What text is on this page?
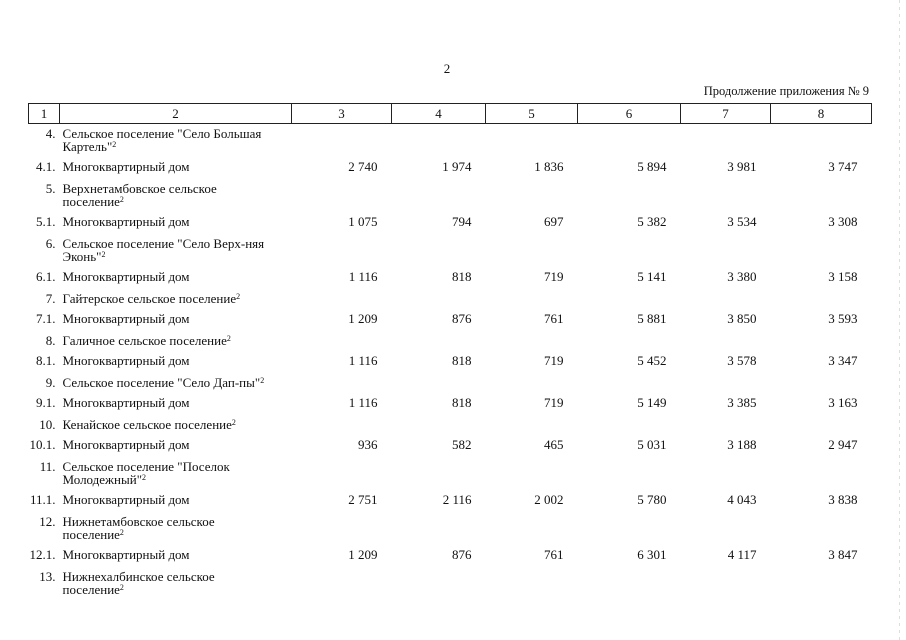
2
Продолжение приложения № 9
1	2	3	4	5	6	7	8
4.	Сельское поселение "Село Большая Картель"$^2$

4.1.	Многоквартирный дом	2 740	1 974	1 836	5 894	3 981	3 747
5.	Верхнетамбовское сельское поселение$^2$

5.1.	Многоквартирный дом	1 075	794	697	5 382	3 534	3 308
6.	Сельское поселение "Село Верх-няя Эконь"$^2$

6.1.	Многоквартирный дом	1 116	818	719	5 141	3 380	3 158
7.	Гайтерское сельское поселение$^2$

7.1.	Многоквартирный дом	1 209	876	761	5 881	3 850	3 593
8.	Галичное сельское поселение$^2$

8.1.	Многоквартирный дом	1 116	818	719	5 452	3 578	3 347
9.	Сельское поселение "Село Дап-пы"$^2$

9.1.	Многоквартирный дом	1 116	818	719	5 149	3 385	3 163
10.	Кенайское сельское поселение$^2$

10.1.	Многоквартирный дом	936	582	465	5 031	3 188	2 947
11.	Сельское поселение "Поселок Молодежный"$^2$

11.1.	Многоквартирный дом	2 751	2 116	2 002	5 780	4 043	3 838
12.	Нижнетамбовское сельское поселение$^2$

12.1.	Многоквартирный дом	1 209	876	761	6 301	4 117	3 847
13.	Нижнехалбинское сельское поселение$^2$
